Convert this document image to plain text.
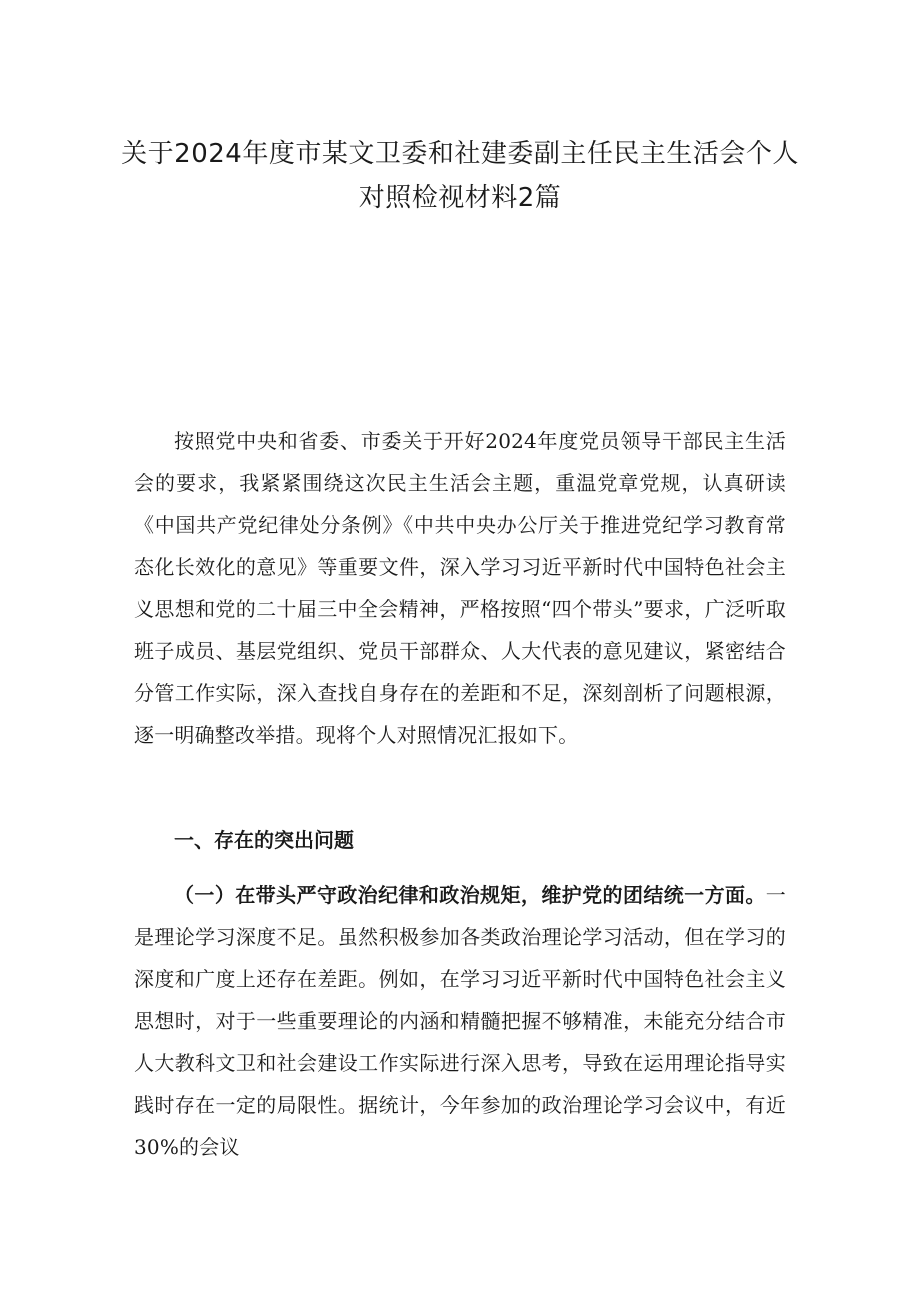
关于2024年度市某文卫委和社建委副主任民主生活会个人
对照检视材料2篇

按照党中央和省委、市委关于开好2024年度党员领导干部民主生活会的要求，我紧紧围绕这次民主生活会主题，重温党章党规，认真研读《中国共产党纪律处分条例》《中共中央办公厅关于推进党纪学习教育常态化长效化的意见》等重要文件，深入学习习近平新时代中国特色社会主义思想和党的二十届三中全会精神，严格按照“四个带头”要求，广泛听取班子成员、基层党组织、党员干部群众、人大代表的意见建议，紧密结合分管工作实际，深入查找自身存在的差距和不足，深刻剖析了问题根源，逐一明确整改举措。现将个人对照情况汇报如下。

一、存在的突出问题

（一）在带头严守政治纪律和政治规矩，维护党的团结统一方面。一是理论学习深度不足。虽然积极参加各类政治理论学习活动，但在学习的深度和广度上还存在差距。例如，在学习习近平新时代中国特色社会主义思想时，对于一些重要理论的内涵和精髓把握不够精准，未能充分结合市人大教科文卫和社会建设工作实际进行深入思考，导致在运用理论指导实践时存在一定的局限性。据统计，今年参加的政治理论学习会议中，有近30%的会议
